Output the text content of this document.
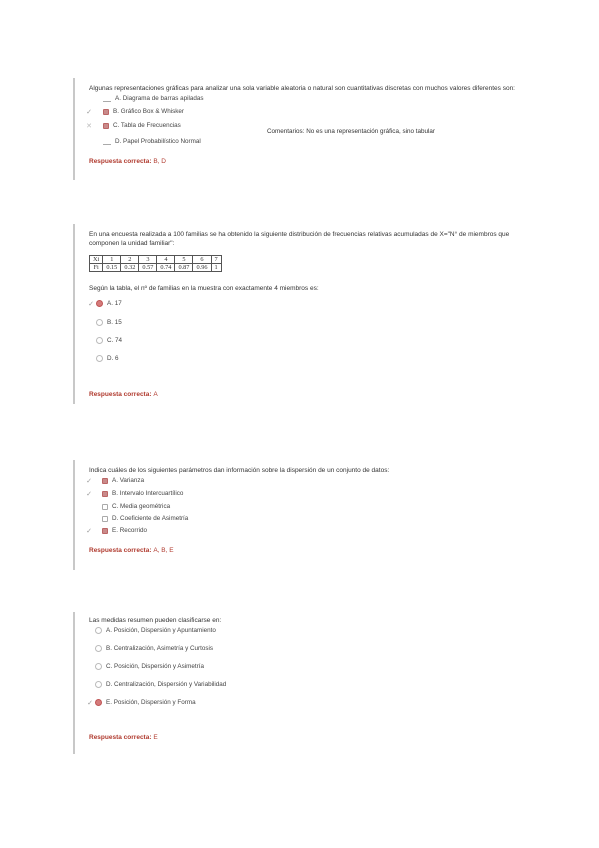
Algunas representaciones gráficas para analizar una sola variable aleatoria o natural son cuantitativas discretas con muchos valores diferentes son:
A. Diagrama de barras apiladas
✓	B. Gráfico Box & Whisker
✕	C. Tabla de Frecuencias
Comentarios: No es una representación gráfica, sino tabular
D. Papel Probabilístico Normal
Respuesta correcta: B, D
En una encuesta realizada a 100 familias se ha obtenido la siguiente distribución de frecuencias relativas acumuladas de X="N° de miembros que
componen la unidad familiar":
Xi	1	2	3	4	5	6	7
Fi	0.15	0.32	0.57	0.74	0.87	0.96	1
Según la tabla, el nº de familias en la muestra con exactamente 4 miembros es:
✓ A. 17
B. 15
C. 74
D. 6
Respuesta correcta: A
Indica cuáles de los siguientes parámetros dan información sobre la dispersión de un conjunto de datos:
✓	A. Varianza
✓	B. Intervalo Intercuartílico
C. Media geométrica
D. Coeficiente de Asimetría
✓	E. Recorrido
Respuesta correcta: A, B, E
Las medidas resumen pueden clasificarse en:
A. Posición, Dispersión y Apuntamiento
B. Centralización, Asimetría y Curtosis
C. Posición, Dispersión y Asimetría
D. Centralización, Dispersión y Variabilidad
✓ E. Posición, Dispersión y Forma
Respuesta correcta: E
